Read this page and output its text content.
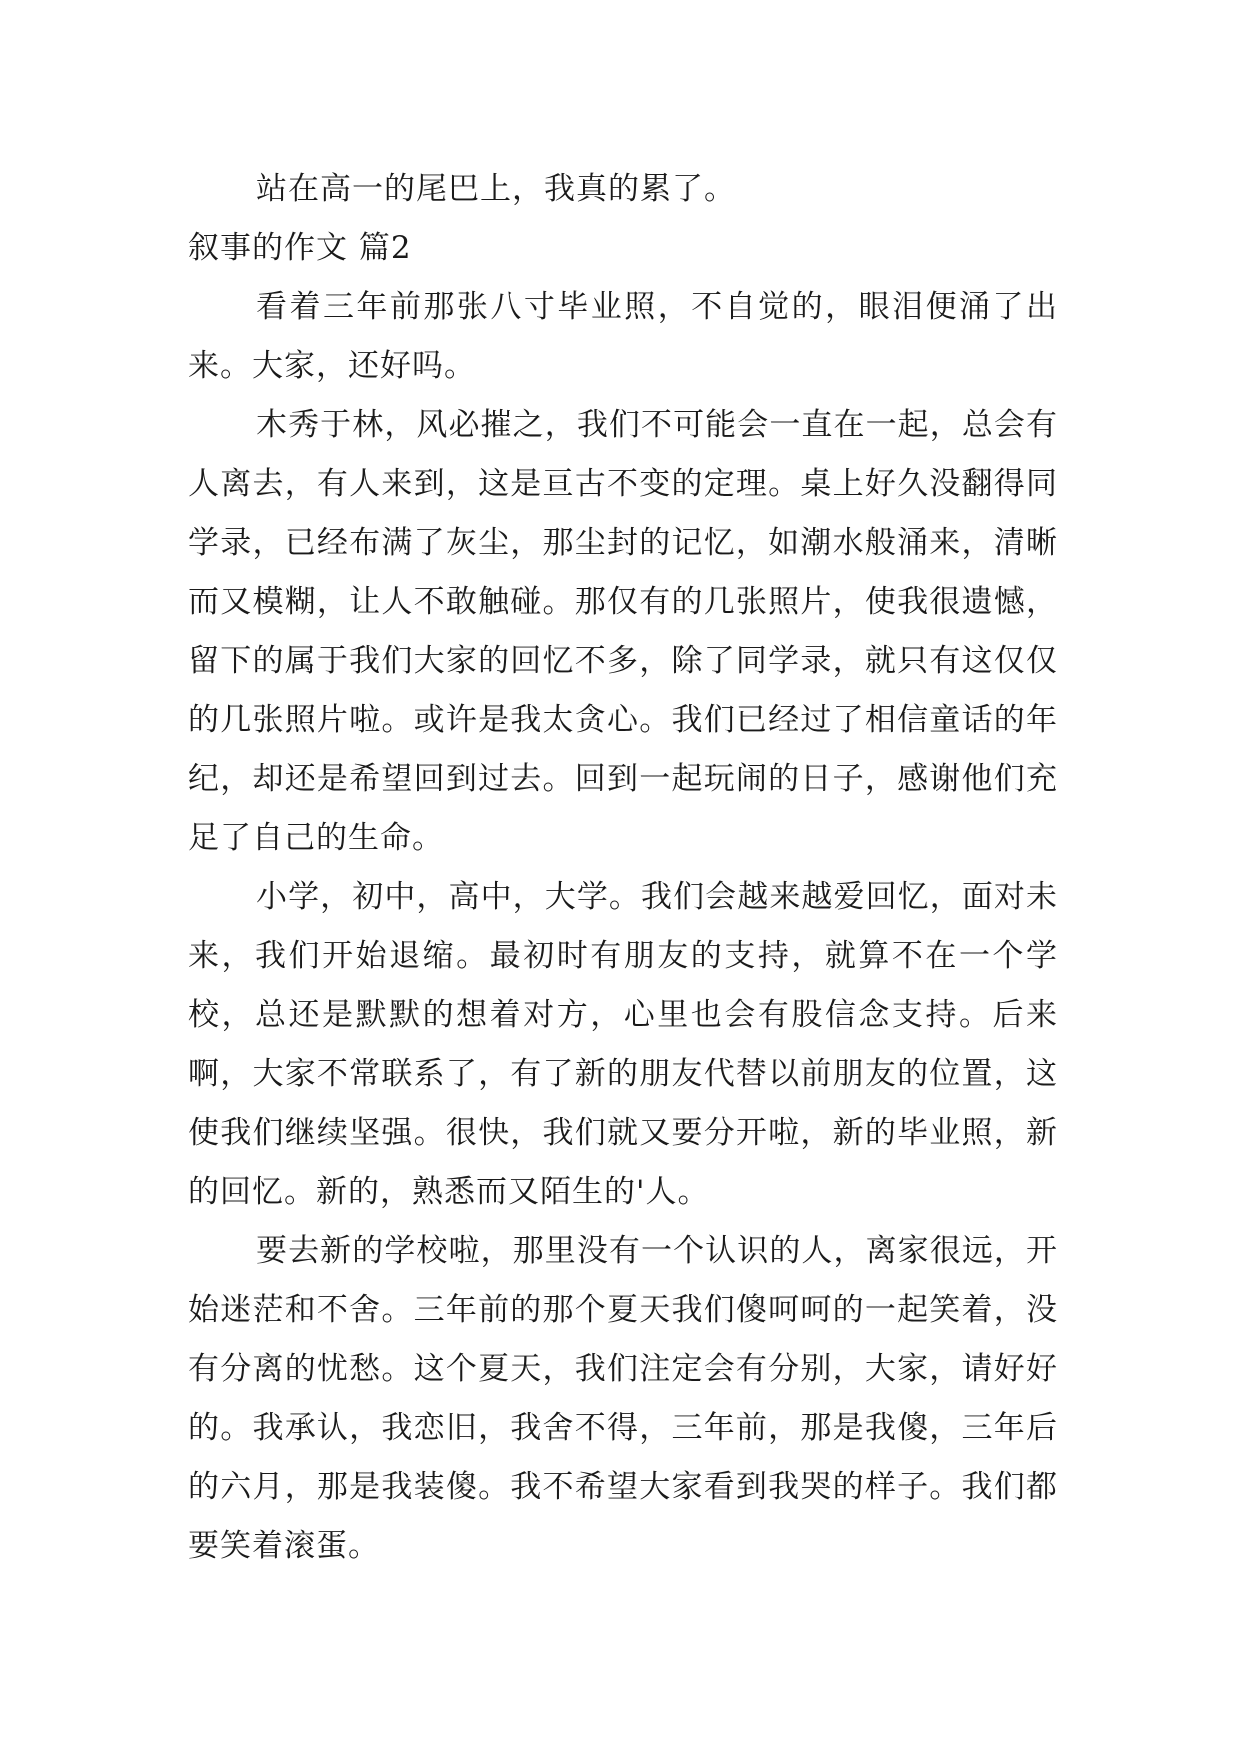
站在高一的尾巴上，我真的累了。

叙事的作文 篇2

看着三年前那张八寸毕业照，不自觉的，眼泪便涌了出来。大家，还好吗。

木秀于林，风必摧之，我们不可能会一直在一起，总会有人离去，有人来到，这是亘古不变的定理。桌上好久没翻得同学录，已经布满了灰尘，那尘封的记忆，如潮水般涌来，清晰而又模糊，让人不敢触碰。那仅有的几张照片，使我很遗憾，留下的属于我们大家的回忆不多，除了同学录，就只有这仅仅的几张照片啦。或许是我太贪心。我们已经过了相信童话的年纪，却还是希望回到过去。回到一起玩闹的日子，感谢他们充足了自己的生命。

小学，初中，高中，大学。我们会越来越爱回忆，面对未来，我们开始退缩。最初时有朋友的支持，就算不在一个学校，总还是默默的想着对方，心里也会有股信念支持。后来啊，大家不常联系了，有了新的朋友代替以前朋友的位置，这使我们继续坚强。很快，我们就又要分开啦，新的毕业照，新的回忆。新的，熟悉而又陌生的'人。

要去新的学校啦，那里没有一个认识的人，离家很远，开始迷茫和不舍。三年前的那个夏天我们傻呵呵的一起笑着，没有分离的忧愁。这个夏天，我们注定会有分别，大家，请好好的。我承认，我恋旧，我舍不得，三年前，那是我傻，三年后的六月，那是我装傻。我不希望大家看到我哭的样子。我们都要笑着滚蛋。
